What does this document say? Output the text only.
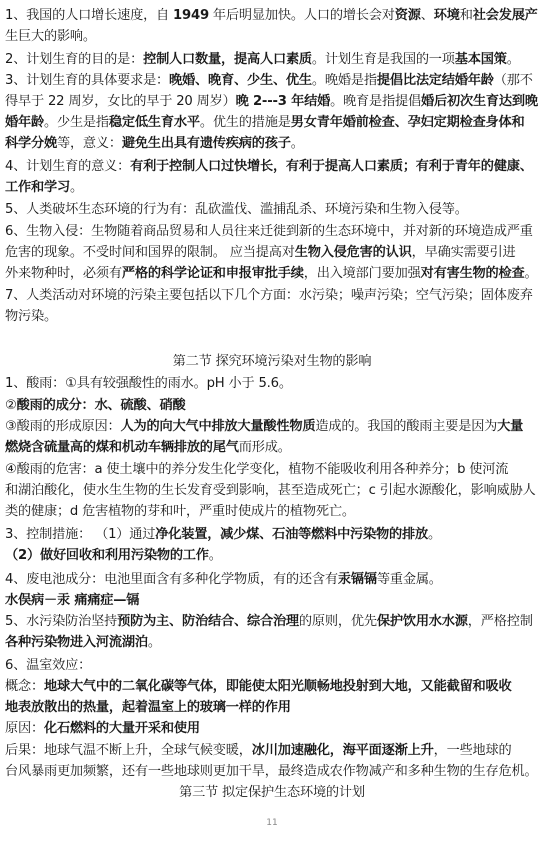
1、我国的人口增长速度，自 1949 年后明显加快。人口的增长会对资源、环境和社会发展产
生巨大的影响。
2、计划生育的目的是：控制人口数量，提高人口素质。计划生育是我国的一项基本国策。
3、计划生育的具体要求是：晚婚、晚育、少生、优生。晚婚是指提倡比法定结婚年龄（那不
得早于 22 周岁，女比的早于 20 周岁）晚 2---3 年结婚。晚育是指提倡婚后初次生育达到晚
婚年龄。少生是指稳定低生育水平。优生的措施是男女青年婚前检查、孕妇定期检查身体和
科学分娩等，意义：避免生出具有遗传疾病的孩子。
4、计划生育的意义：有利于控制人口过快增长，有利于提高人口素质；有利于青年的健康、
工作和学习。
5、人类破坏生态环境的行为有：乱砍滥伐、滥捕乱杀、环境污染和生物入侵等。
6、生物入侵：生物随着商品贸易和人员往来迁徙到新的生态环境中，并对新的环境造成严重
危害的现象。不受时间和国界的限制。 应当提高对生物入侵危害的认识，早确实需要引进
外来物种时，必须有严格的科学论证和申报审批手续，出入境部门要加强对有害生物的检查。
7、人类活动对环境的污染主要包括以下几个方面：水污染；噪声污染；空气污染；固体废弃
物污染。
第二节 探究环境污染对生物的影响
1、酸雨：①具有较强酸性的雨水。pH 小于 5.6。
②酸雨的成分：水、硫酸、硝酸
③酸雨的形成原因：人为的向大气中排放大量酸性物质造成的。我国的酸雨主要是因为大量
燃烧含硫量高的煤和机动车辆排放的尾气而形成。
④酸雨的危害：a 使土壤中的养分发生化学变化，植物不能吸收利用各种养分；b 使河流
和湖泊酸化，使水生生物的生长发育受到影响，甚至造成死亡；c 引起水源酸化，影响威胁人
类的健康；d 危害植物的芽和叶，严重时使成片的植物死亡。
3、控制措施： （1）通过净化装置，减少煤、石油等燃料中污染物的排放。
（2）做好回收和利用污染物的工作。
4、废电池成分：电池里面含有多种化学物质，有的还含有汞镉镉等重金属。
水俣病－汞 痛痛症—镉
5、水污染防治坚持预防为主、防治结合、综合治理的原则，优先保护饮用水水源，严格控制
各种污染物进入河流湖泊。
6、温室效应：
概念：地球大气中的二氧化碳等气体，即能使太阳光顺畅地投射到大地，又能截留和吸收
地表放散出的热量，起着温室上的玻璃一样的作用
原因：化石燃料的大量开采和使用
后果：地球气温不断上升，全球气候变暖，冰川加速融化，海平面逐渐上升，一些地球的
台风暴雨更加频繁，还有一些地球则更加干旱，最终造成农作物减产和多种生物的生存危机。
第三节 拟定保护生态环境的计划
11
